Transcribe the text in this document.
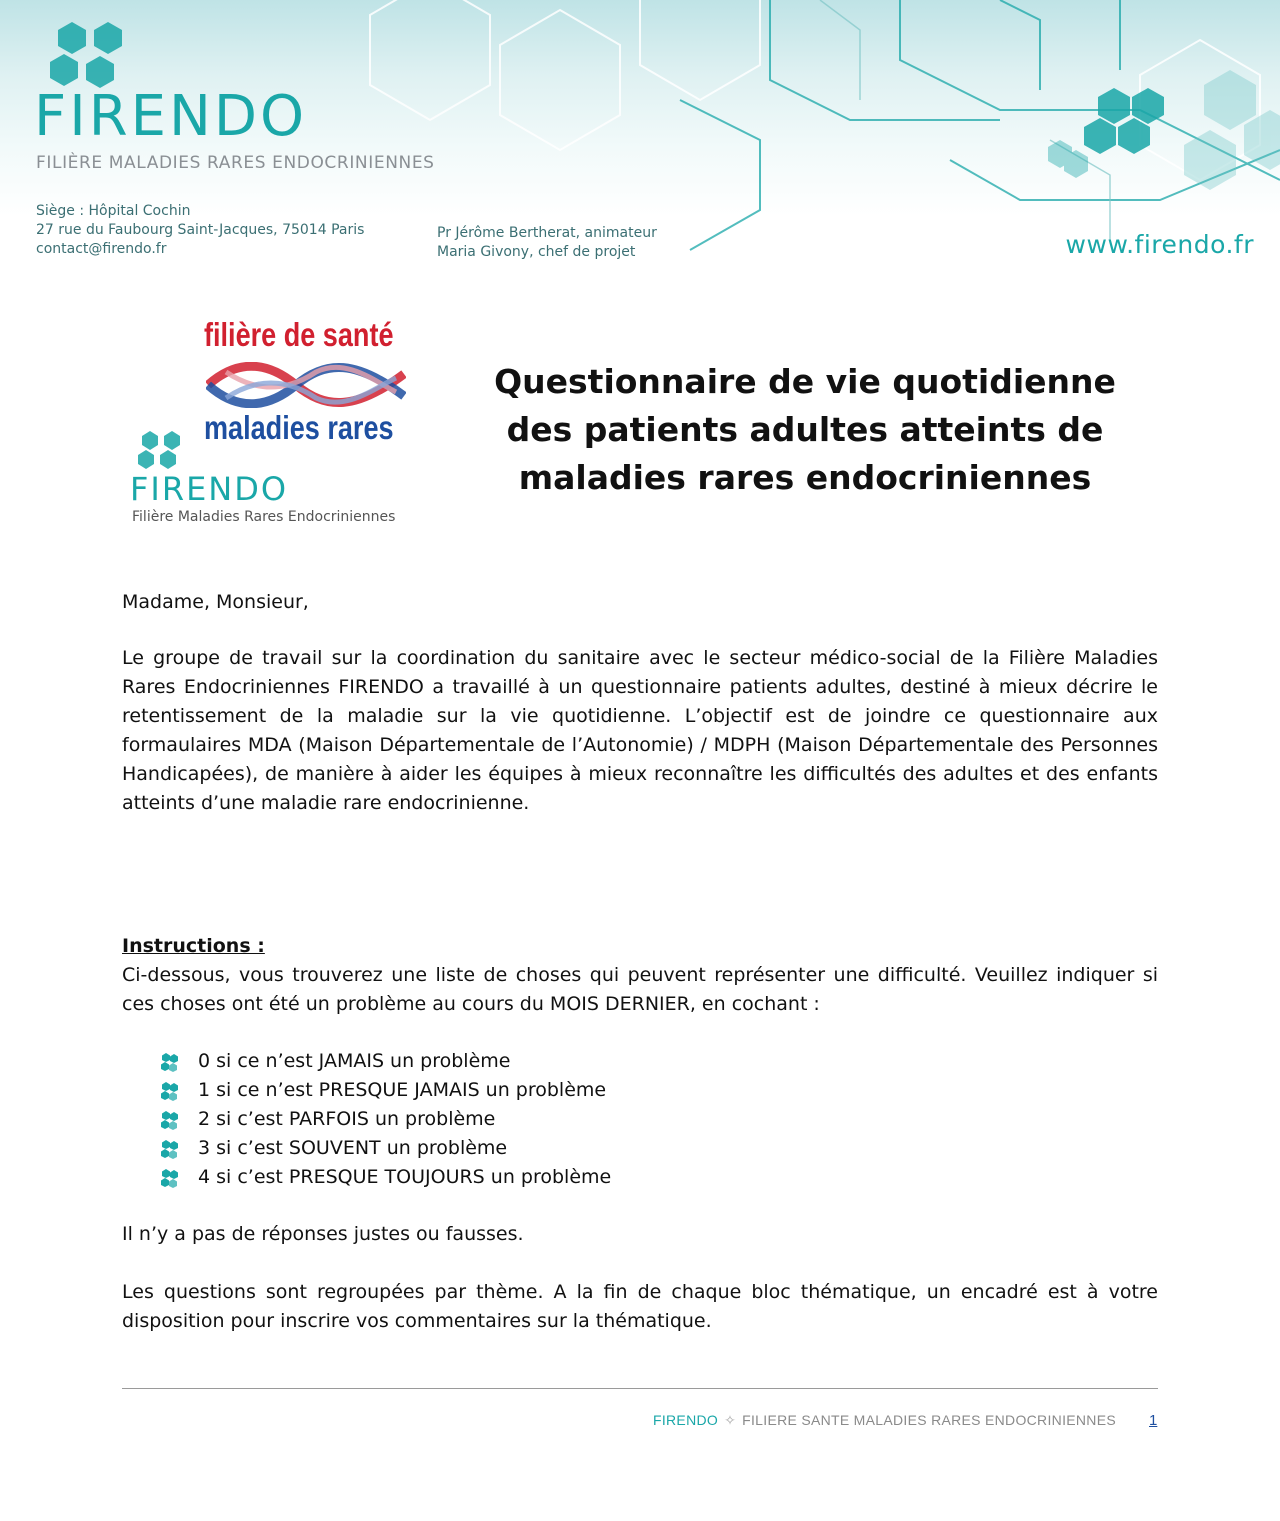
FIRENDO
FILIÈRE MALADIES RARES ENDOCRINIENNES
Siège : Hôpital Cochin
27 rue du Faubourg Saint-Jacques, 75014 Paris
contact@firendo.fr
Pr Jérôme Bertherat, animateur
Maria Givony, chef de projet	www.firendo.fr
filière de santé
maladies rares
FIRENDO
Filière Maladies Rares Endocriniennes
Questionnaire de vie quotidienne
des patients adultes atteints de
maladies rares endocriniennes
Madame, Monsieur,
Le groupe de travail sur la coordination du sanitaire avec le secteur médico-social de la Filière Maladies Rares Endocriniennes FIRENDO a travaillé à un questionnaire patients adultes, destiné à mieux décrire le retentissement de la maladie sur la vie quotidienne. L’objectif est de joindre ce questionnaire aux formaulaires MDA (Maison Départementale de l’Autonomie) / MDPH (Maison Départementale des Personnes Handicapées), de manière à aider les équipes à mieux reconnaître les difficultés des adultes et des enfants atteints d’une maladie rare endocrinienne.
Instructions :
Ci-dessous, vous trouverez une liste de choses qui peuvent représenter une difficulté. Veuillez indiquer si ces choses ont été un problème au cours du MOIS DERNIER, en cochant :
0 si ce n’est JAMAIS un problème
1 si ce n’est PRESQUE JAMAIS un problème
2 si c’est PARFOIS un problème
3 si c’est SOUVENT un problème
4 si c’est PRESQUE TOUJOURS un problème
Il n’y a pas de réponses justes ou fausses.
Les questions sont regroupées par thème. A la fin de chaque bloc thématique, un encadré est à votre disposition pour inscrire vos commentaires sur la thématique.
FIRENDO ✧ FILIERE SANTE MALADIES RARES ENDOCRINIENNES 1
